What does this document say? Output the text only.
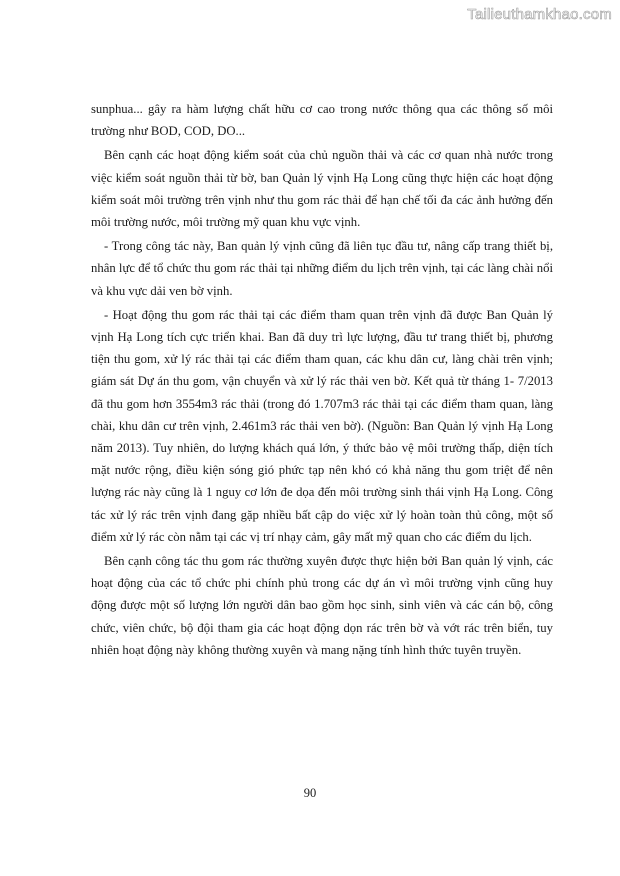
Tailieuthamkhao.com

sunphua... gây ra hàm lượng chất hữu cơ cao trong nước thông qua các thông số môi trường như BOD, COD, DO...

Bên cạnh các hoạt động kiểm soát của chủ nguồn thải và các cơ quan nhà nước trong việc kiểm soát nguồn thải từ bờ, ban Quản lý vịnh Hạ Long cũng thực hiện các hoạt động kiểm soát môi trường trên vịnh như thu gom rác thải để hạn chế tối đa các ảnh hưởng đến môi trường nước, môi trường mỹ quan khu vực vịnh.

- Trong công tác này, Ban quản lý vịnh cũng đã liên tục đầu tư, nâng cấp trang thiết bị, nhân lực để tổ chức thu gom rác thải tại những điểm du lịch trên vịnh, tại các làng chài nổi và khu vực dải ven bờ vịnh.

- Hoạt động thu gom rác thải tại các điểm tham quan trên vịnh đã được Ban Quản lý vịnh Hạ Long tích cực triển khai. Ban đã duy trì lực lượng, đầu tư trang thiết bị, phương tiện thu gom, xử lý rác thải tại các điểm tham quan, các khu dân cư, làng chài trên vịnh; giám sát Dự án thu gom, vận chuyển và xử lý rác thải ven bờ. Kết quả từ tháng 1- 7/2013 đã thu gom hơn 3554m3 rác thải (trong đó 1.707m3 rác thải tại các điểm tham quan, làng chài, khu dân cư trên vịnh, 2.461m3 rác thải ven bờ). (Nguồn: Ban Quản lý vịnh Hạ Long năm 2013). Tuy nhiên, do lượng khách quá lớn, ý thức bảo vệ môi trường thấp, diện tích mặt nước rộng, điều kiện sóng gió phức tạp nên khó có khả năng thu gom triệt để nên lượng rác này cũng là 1 nguy cơ lớn đe dọa đến môi trường sinh thái vịnh Hạ Long. Công tác xử lý rác trên vịnh đang gặp nhiều bất cập do việc xử lý hoàn toàn thủ công, một số điểm xử lý rác còn nằm tại các vị trí nhạy cảm, gây mất mỹ quan cho các điểm du lịch.

Bên cạnh công tác thu gom rác thường xuyên được thực hiện bởi Ban quản lý vịnh, các hoạt động của các tổ chức phi chính phủ trong các dự án vì môi trường vịnh cũng huy động được một số lượng lớn người dân bao gồm học sinh, sinh viên và các cán bộ, công chức, viên chức, bộ đội tham gia các hoạt động dọn rác trên bờ và vớt rác trên biển, tuy nhiên hoạt động này không thường xuyên và mang nặng tính hình thức tuyên truyền.

90
